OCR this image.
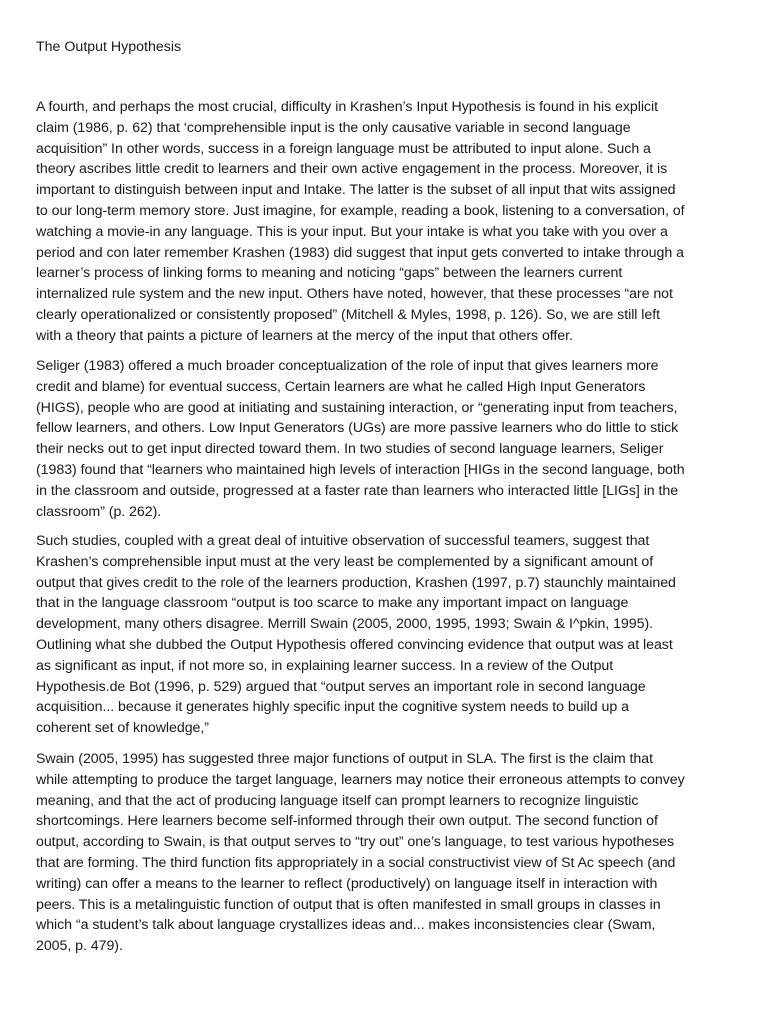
The Output Hypothesis

A fourth, and perhaps the most crucial, difficulty in Krashen’s Input Hypothesis is found in his explicit
claim (1986, p. 62) that ‘comprehensible input is the only causative variable in second language
acquisition” In other words, success in a foreign language must be attributed to input alone. Such a
theory ascribes little credit to learners and their own active engagement in the process. Moreover, it is
important to distinguish between input and Intake. The latter is the subset of all input that wits assigned
to our long-term memory store. Just imagine, for example, reading a book, listening to a conversation, of
watching a movie-in any language. This is your input. But your intake is what you take with you over a
period and con later remember Krashen (1983) did suggest that input gets converted to intake through a
learner’s process of linking forms to meaning and noticing “gaps” between the learners current
internalized rule system and the new input. Others have noted, however, that these processes “are not
clearly operationalized or consistently proposed” (Mitchell & Myles, 1998, p. 126). So, we are still left
with a theory that paints a picture of learners at the mercy of the input that others offer.

Seliger (1983) offered a much broader conceptualization of the role of input that gives learners more
credit and blame) for eventual success, Certain learners are what he called High Input Generators
(HIGS), people who are good at initiating and sustaining interaction, or “generating input from teachers,
fellow learners, and others. Low Input Generators (UGs) are more passive learners who do little to stick
their necks out to get input directed toward them. In two studies of second language learners, Seliger
(1983) found that “learners who maintained high levels of interaction [HIGs in the second language, both
in the classroom and outside, progressed at a faster rate than learners who interacted little [LIGs] in the
classroom” (p. 262).

Such studies, coupled with a great deal of intuitive observation of successful teamers, suggest that
Krashen’s comprehensible input must at the very least be complemented by a significant amount of
output that gives credit to the role of the learners production, Krashen (1997, p.7) staunchly maintained
that in the language classroom “output is too scarce to make any important impact on language
development, many others disagree. Merrill Swain (2005, 2000, 1995, 1993; Swain & I^pkin, 1995).
Outlining what she dubbed the Output Hypothesis offered convincing evidence that output was at least
as significant as input, if not more so, in explaining learner success. In a review of the Output
Hypothesis.de Bot (1996, p. 529) argued that “output serves an important role in second language
acquisition... because it generates highly specific input the cognitive system needs to build up a
coherent set of knowledge,”

Swain (2005, 1995) has suggested three major functions of output in SLA. The first is the claim that
while attempting to produce the target language, learners may notice their erroneous attempts to convey
meaning, and that the act of producing language itself can prompt learners to recognize linguistic
shortcomings. Here learners become self-informed through their own output. The second function of
output, according to Swain, is that output serves to “try out” one’s language, to test various hypotheses
that are forming. The third function fits appropriately in a social constructivist view of St Ac speech (and
writing) can offer a means to the learner to reflect (productively) on language itself in interaction with
peers. This is a metalinguistic function of output that is often manifested in small groups in classes in
which “a student’s talk about language crystallizes ideas and... makes inconsistencies clear (Swam,
2005, p. 479).
